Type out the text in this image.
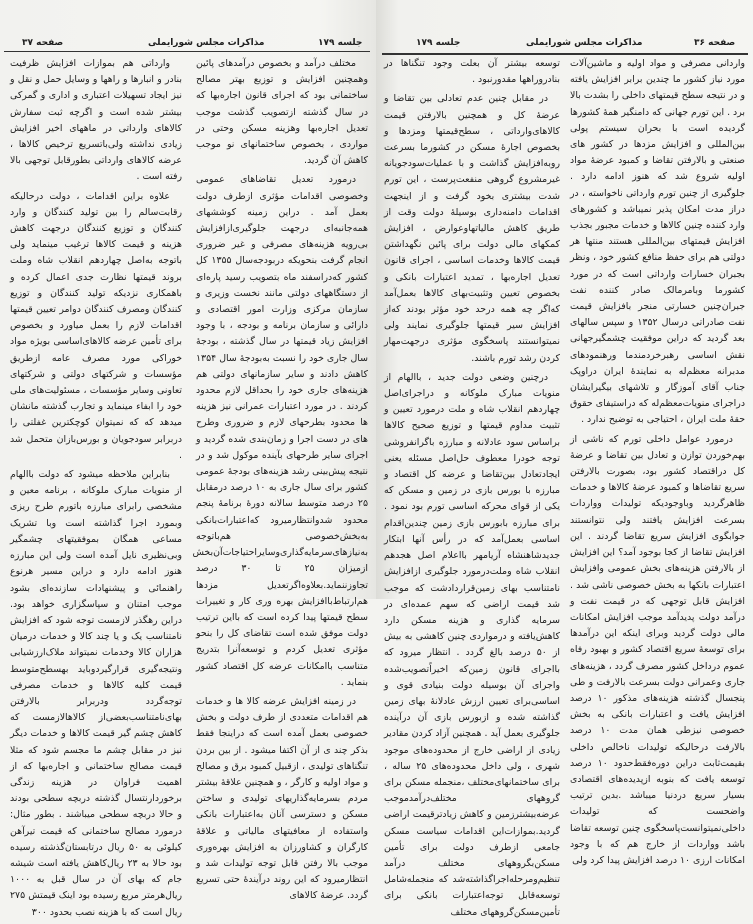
صفحه ۳۷	مذاکرات مجلس شورایملی	جلسه ۱۷۹

مختلف درآمد و بخصوص درآمدهای پائین وهمچنین افزایش و توزیع بهتر مصالح ساختمانی بود که اجرای قانون اجاره‌بها که در سال گذشته ازتصویب گذشت موجب تعدیل اجاره‌بها وهزینه مسکن وحتی در مواردی ، بخصوص ساختمانهای نو موجب کاهش آن گردید.

درمورد تعدیل تقاضاهای عمومی وخصوصی اقدامات مؤثری ازطرف دولت بعمل آمد . دراین زمینه کوششهای همه‌جانبه‌ای درجهت جلوگیری‌ازافزایش بی‌رویه هزینه‌های مصرفی و غیر ضروری انجام گرفت بنحویکه دربودجه‌سال ۱۳۵۵ کل کشور که‌دراسفند ماه بتصویب رسید پاره‌ای از دستگاههای دولتی مانند نخست وزیری و سازمان مرکزی وزارت امور اقتصادی و دارائی و سازمان برنامه و بودجه ، با وجود افزایش زیاد قیمتها در سال گذشته ، بودجهٔ سال جاری خود را نسبت به‌بودجهٔ سال ۱۳۵۴ کاهش دادند و سایر سازمانهای دولتی هم هزینه‌های جاری خود را بحداقل لازم محدود کردند . در مورد اعتبارات عمرانی نیز هزینه ها محدود بطرحهای لازم و ضروری وطرح های در دست اجرا و زمان‌بندی شده گردید و اجرای سایر طرحهای بآینده موکول شد و در نتیجه پیش‌بینی رشد هزینه‌های بودجهٔ عمومی کشور برای سال جاری به ۱۰ درصد درمقابل ۲۵ درصد متوسط سالانه دورهٔ برنامهٔ پنجم محدود شدوانتظارمیرود که‌اعتبارات‌بانکی به‌بخش‌خصوصی هم‌باتوجه به‌نیازهای‌سرمایه‌گذاری‌وسایراحتیاجات‌آن‌بخش ازمیزان ۲۵ تا ۳۰ درصد تجاوزننماید.بعلاوه‌اگرتعدیل مزدها هم‌ارتباط‌باافزایش بهره وری کار و تغییرات سطح قیمتها پیدا کرده است که بااین ترتیب دولت موفق شده است تقاضای کل را بنحو مؤثری تعدیل کردم و توسعه‌آنرا بتدریج متناسب باامکانات عرضه کل اقتصاد کشور بنماید .

در زمینه افزایش عرضه کالا ها و خدمات هم اقدامات متعددی از طرف دولت و بخش خصوصی بعمل آمده است که دراینجا فقط بذکر چند ی از آن اکتفا میشود . از بین بردن تنگناهای تولیدی ، ازقبیل کمبود برق و مصالح و مواد اولیه و کارگر ، و همچنین علاقهٔ بیشتر مردم بسرمایه‌گذاریهای تولیدی و ساختن مسکن و دسترسی آنان به‌اعتبارات بانکی واستفاده از معافیتهای مالیاتی و علاقهٔ کارگران و کشاورزان به افزایش بهره‌وری موجب بالا رفتن قابل توجه تولیدات شد و انتظارمیرود که این روند درآیندهٔ حتی تسریع گردد. عرضهٔ کالاهای

وارداتی هم بموازات افزایش ظرفیت بنادر و انبارها و راهها و وسایل حمل و نقل و نیز ایجاد تسهیلات اعتباری و اداری و گمرکی بیشتر شده است و اگرچه ثبت سفارش کالاهای وارداتی در ماههای اخیر افزایش زیادی نداشته ولی‌باتسریع ترخیص کالاها ، عرضه کالاهای وارداتی بطورقابل توجهی بالا رفته است .

علاوه براین اقدامات ، دولت درحالیکه رقابت‌سالم را بین تولید کنندگان و وارد کنندگان و توزیع کنندگان درجهت کاهش هزینه و قیمت کالاها ترغیب مینماید ولی باتوجه به‌اصل چهاردهم انقلاب شاه وملت بروند قیمتها نظارت جدی اعمال کرده و باهمکاری نزدیکه تولید کنندگان و توزیع کنندگان ومصرف کنندگان دوامر تعیین قیمتها اقدامات لازم را بعمل میاورد و بخصوص برای تأمین عرضه کالاهای‌اساسی بویژه مواد خوراکی مورد مصرف عامه ازطریق مؤسسات و شرکتهای دولتی و شرکتهای تعاونی وسایر مؤسسات ، مسئولیت‌های ملی خود را ابفاء مینماید و تجارب گذشته مانشان میدهد که که نمیتوان کوچکترین غفلتی را دربرابر سودجویان و بورس‌بازان متحمل شد .

بنابراین ملاحظه میشود که دولت باالهام از منویات مبارک ملوکانه ، برنامه معین و مشخصی رابرای مبارزه باتورم طرح ریزی وبمورد اجرا گذاشته است وبا تشریک مساعی همگان بموفقیتهای چشمگیر وبی‌نظیری نایل آمده است ولی این مبارزه هنوز ادامه دارد و دراین مسیر هرنوع راهنمائی و پیشنهادات سازنده‌ای بشود موجب امتنان و سپاسگزاری خواهد بود. دراین رهگذر لازمست توجه شود که افزایش نامتناسب یک و یا چند کالا و خدمات درمیان هزاران کالا وخدمات نمیتواند ملاک‌ارزشیابی ونتیجه‌گیری قرارگیرد‌وباید بهسطح‌متوسط قیمت کلیه کالاها و خدمات مصرفی توجه‌گردد ودربرابر بالارفتن بهای‌نامتناسب‌بعضی‌از کالاها‌لازمست که کاهش چشم گیر قیمت کالاها و خدمات دیگر نیز در مقابل چشم ما مجسم شود که مثلا قیمت مصالح ساختمانی و اجاره‌بها که از اهمیت فراوان در هزینه زندگی برخوردارنتسال گذشته دربچه سطحی بودند و حالا دربچه سطحی میباشند . بطور مثال: درمورد مصالح ساختمانی که قیمت تیرآهن کیلوئی به ۵۰ ریال درتابستان‌گذشته رسیده بود حالا به ۲۳ ریال‌کاهش یافته است شیشه جام که بهای آن در سال قبل به ۱۰۰۰ ریال‌هرمتر مربع رسیده بود اینک قیمتش ۲۷۵ ریال است که با هزینه نصب بحدود ۳۰۰

جلسه ۱۷۹	مذاکرات مجلس شورایملی	صفحه ۳۶

واردانی مصرفی و مواد اولیه و ماشین‌آلات مورد نیاز کشور ما چندین برابر افزایش یافته و در نتیجه سطح قیمتهای داخلی را بشدت بالا برد . این تورم جهانی که دامنگیر همهٔ کشورها گردیده است با بحران سیستم پولی بین‌المللی و افزایش مزدها در کشور های صنعتی و بالارفتن تقاضا و کمبود عرضهٔ مواد اولیه شروع شد که هنوز ادامه دارد . جلوگیری از چنین تورم وارداتی ناخواسته ، در دراز مدت امکان پذیر نمیباشد و کشورهای وارد کننده چنین کالاها و خدمات مجبور بجذب افزایش قیمتهای بین‌المللی هستند منتها هر دولتی هم برای حفظ منافع کشور خود ، ونظر بجبران خسارات وارداتی است که در مورد کشورما وبامرمالک صادر کننده نفت جبران‌چنین خسارتی منجر بافزایش قیمت نفت صادراتی درسال ۱۳۵۲ و سپس سالهای بعد گردید که دراین موفقیت چشمگیرجهانی نقش اساسی رهبرخردمندما ورهنمودهای مدبرانه معظم‌له به نمایندهٔ ایران دراوپک جناب آقای آموزگار و تلاشهای بیگیرایشان دراجرای منویات‌معظم‌له که دراستیفای حقوق حقهٔ ملت ایران ، احتیاجی به توضیح ندارد .

درمورد عوامل داخلی تورم که ناشی از بهم‌خوردن توازن و تعادل بین تقاضا و عرضهٔ کل دراقتصاد کشور بود، بصورت بالارفتن سریع تقاضاها و کمبود عرضهٔ کالاها و خدمات ظاهرگردید وباوجودیکه تولیدات وواردات بسرعت افزایش یافتند ولی نتوانستند جوابگوی افزایش سریع تقاضا گردند . این افزایش تقاضا از کجا بوجود آمد؟ این افزایش از بالارفتن هزینه‌های بخش عمومی وافزایش اعتبارات بانکها به بخش خصوصی ناشی شد . افزایش قابل توجهی که در قیمت نفت و درآمد دولت پدیدآمد موجب افزایش امکانات مالی دولت گردید وبرای اینکه این درآمدها برای توسعهٔ سریع اقتصاد کشور و بهبود رفاه عموم درداخل کشور مصرف گردد ، هزینه‌های جاری وعمرانی دولت بسرعت بالارفت و طی پنجسال گذشته هزینه‌های مذکور ۱۰ درصد افزایش یافت و اعتبارات بانکی به بخش خصوصی نیزطی همان مدت ۱۰ درصد بالارفت درحالیکه تولیدات ناخالص داخلی بقیمت‌ثابت دراین دوره‌فقط‌حدود ۱۰ درصد توسعه یافت که بنوبه ازپدیده‌های اقتصادی بسیار سریع دردنیا میباشد .بدین ترتیب واضحست که تولیدات داخلی‌نمیتوانست‌پاسخگوی چنین توسعه تقاضا باشد وواردات از خارج هم که با وجود امکانات ارزی ۱۰ درصد افزایش پیدا کرد ولی

توسعه بیشتر آن بعلت وجود تنگناها در بنادروراهها مقدورنبود .

در مقابل چنین عدم تعادلی بین تقاضا و عرضهٔ کل و همچنین بالارفتن قیمت کالاهای‌وارداتی ، سطح‌قیمتها ومزدها و بخصوص اجارهٔ مسکن در کشورما بسرعت روبه‌افزایش گذاشت و با عملیات‌سودجویانه غیرمشروع گروهی منفعت‌پرست ، این تورم شدت بیشتری بخود گرفت و از اینجهت اقدامات دامنه‌داری بوسیلهٔ دولت وقت از طریق کاهش مالیاتهاوعوارض ، افزایش کمکهای مالی دولت برای پائین نگهداشتن قیمت کالاها وخدمات اساسی ، اجرای قانون تعدیل اجاره‌بها ، تمدید اعتبارات بانکی و بخصوص تعیین وتثبیت‌بهای کالاها بعمل‌آمد که‌اگر چه همه درحد خود مؤثر بودند که‌از افزایش سیر قیمتها جلوگیری نمایند ولی نمیتوانستند پاسخگوی مؤثری درجهت‌مهار کردن رشد تورم باشند.

درچنین وضعی دولت جدید ، باالهام از منویات مبارک ملوکانه و دراجرای‌اصل چهاردهم انقلاب شاه و ملت درمورد تعیین و تثبیت مداوم قیمتها و توزیع صحیح کالاها براساس سود عادلانه و مبارزه باگرانفروشی توجه خودرا معطوف حل‌اصل مسئله یعنی ایجادتعادل بین‌تقاضا و عرضه کل اقتصاد و مبارزه با بورس بازی در زمین و مسکن که یکی از قوای محرکه اساسی تورم بود نمود . برای مبارزه بابورس بازی زمین چندین‌اقدام اساسی بعمل‌آمد که در رأس آنها ابتکار جدیدشاهنشاه آریامهر بااعلام اصل هجدهم انقلاب شاه وملت‌درمورد جلوگیری ازافزایش نامتناسب بهای زمین‌قراردادشت که موجب شد قیمت اراضی که سهم عمده‌ای در سرمایه گذاری و هزینه مسکن دارد کاهش‌یافته و درمواردی چنین کاهشی به بیش از ۵۰ درصد بالغ گردد . انتظار میرود که بااجرای قانون زمین‌که اخیراًتصویب‌شده واجرای آن بوسیله دولت بنیادی قوی و اساسی‌برای تعیین ارزش عادلانهٔ بهای زمین گذاشته شده و ازبورس بازی آن درآینده جلوگیری بعمل آید . همچنین آزاد کردن مقادیر زیادی از اراضی خارج از محدوده‌های موجود شهری ، ولی داخل محدوده‌های ۲۵ ساله ، برای ساختمانهای‌مختلف ،منجمله مسکن برای گروههای مختلف‌درآمدموجب عرضه‌بیشترزمین و کاهش زیادترقیمت اراضی گردید.بموازات‌این اقدامات سیاست مسکن جامعی ازطرف دولت برای تأمین مسکن‌بگروههای مختلف درآمد تنظیم‌و‌مرحله‌اجراگذاشته‌شد که منجمله‌شامل توسعه‌قابل توجه‌اعتبارات بانکی برای تأمین‌مسکن‌گروههای مختلف
